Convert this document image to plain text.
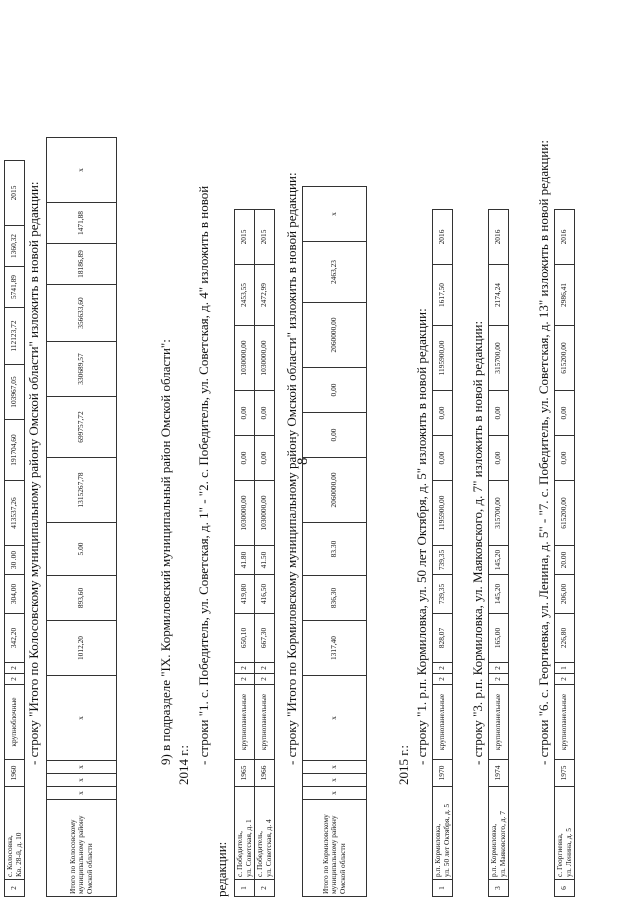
8
2	с. Колосовка,
Кв. 28-й, д. 10	1960	крупноблочные	2	2	342,20	304,00	30 .00	413537,26	191704,60	103967,05	112123,72	5741,89	1360,32	2015 - строку "Итого по Колосовскому муниципальному району Омской области" изложить в новой редакции:
Итого по Колосовскому муниципальному району Омской области	х	х	х	х	1012,20	893,60	5​.00	1315267,78	699757,72	330689,57	356633,60	18186,89	1471,88	х
9) в подразделе "IX. Кормиловский муниципальный район Омской области":
2014 г.:
- строки "1. с. Победитель, ул. Советская, д. 1" - "2. с. Победитель, ул. Советская, д. 4" изложить в новой
редакции: 1	с. Победитель,
ул. Советская, д. 1	1965	крупнопанельные	2	2	650,10	419,80	41​.80	1030000,00	0,00	0,00	1030000,00	2453,55	2015
2	с. Победитель,
ул. Советская, д. 4	1966	крупнопанельные	2	2	667,30	416,50	41​.50	1030000,00	0,00	0,00	1030000,00	2472,99	2015 - строку "Итого по Кормиловскому муниципальному району Омской области" изложить в новой редакции:
Итого по Кормиловскому муниципальному району Омской области	х	х	х	х	1317,40	836,30	83​.30	2060000,00	0,00	0,00	2060000,00	2463,23	х
2015 г.:
- строку "1. р.п. Кормиловка, ул. 50 лет Октября, д. 5" изложить в новой редакции:
1	р.п. Кормиловка,
ул. 50 лет Октября, д. 5	1970	крупнопанельные	2	2	828,07	739,35	739,35	1195900,00	0,00	0,00	1195900,00	1617,50	2016
- строку "3. р.п. Кормиловка, ул. Маяковского, д. 7" изложить в новой редакции:
3	р.п. Кормиловка,
ул. Маяковского, д. 7	1974	крупнопанельные	2	2	165,00	145,20	145,20	315700,00	0,00	0,00	315700,00	2174,24	2016	- строки "6. с. Георгиевка, ул. Ленина, д. 5" - "7. с. Победитель, ул. Советская, д. 13" изложить в новой редакции:
6	с. Георгиевка,
ул. Ленина, д. 5	1975	крупнопанельные	2	1	226,80	206,00	20​.00	615200,00	0,00	0,00	615200,00	2986,41	2016
